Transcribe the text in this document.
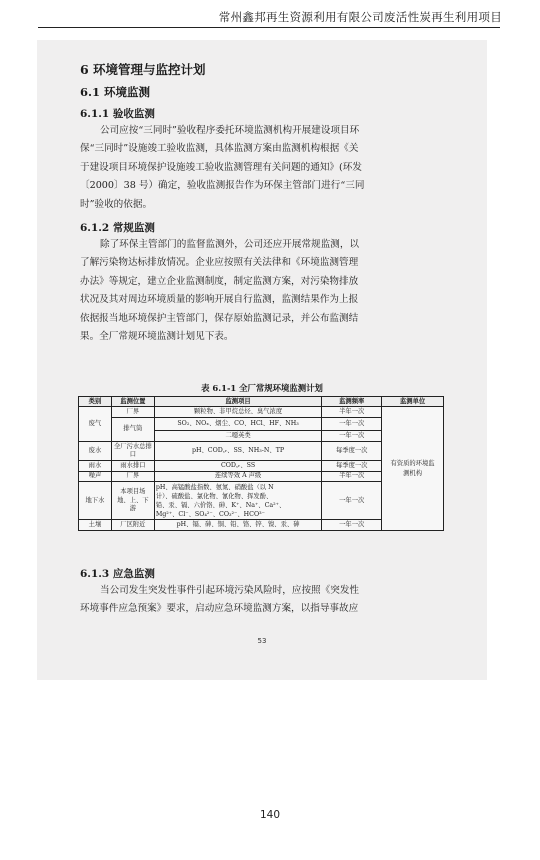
常州鑫邦再生资源利用有限公司废活性炭再生利用项目
6 环境管理与监控计划
6.1 环境监测
6.1.1 验收监测
公司应按“三同时”验收程序委托环境监测机构开展建设项目环
保“三同时”设施竣工验收监测，具体监测方案由监测机构根据《关
于建设项目环境保护设施竣工验收监测管理有关问题的通知》(环发
〔2000〕38 号）确定，验收监测报告作为环保主管部门进行“三同
时”验收的依据。
6.1.2 常规监测
除了环保主管部门的监督监测外，公司还应开展常规监测，以
了解污染物达标排放情况。企业应按照有关法律和《环境监测管理
办法》等规定，建立企业监测制度，制定监测方案，对污染物排放
状况及其对周边环境质量的影响开展自行监测，监测结果作为上报
依据报当地环境保护主管部门，保存原始监测记录，并公布监测结
果。全厂常规环境监测计划见下表。
表 6.1-1 全厂常规环境监测计划
类别	监测位置	监测项目	监测频率	监测单位
废气	厂界	颗粒物、非甲烷总烃、臭气浓度	半年一次	有资质的环境监测机构
	排气筒	SO₂、NOₓ、烟尘、CO、HCl、HF、NH₃	一年一次	
		二噁英类	一年一次	
废水	全厂污水总排口	pH、COD꜀ᵣ、SS、NH₃-N、TP	每季度一次	
雨水	雨水排口	COD꜀ᵣ、SS	每季度一次	
噪声	厂界	连续等效 A 声级	半年一次	
地下水	本项目场地、上、下游	pH、高锰酸盐指数、氨氮、硝酸盐（以 N
计）、硫酸盐、氯化物、氰化物、挥发酚、
铅、汞、镉、六价铬、砷、K⁺、Na⁺、Ca²⁺、
Mg²⁺、Cl⁻、SO₄²⁻、CO₃²⁻、HCO³⁻	一年一次	
土壤	厂区附近	pH、镉、砷、铜、铅、铬、锌、镍、汞、砷	一年一次	
6.1.3 应急监测
当公司发生突发性事件引起环境污染风险时，应按照《突发性
环境事件应急预案》要求，启动应急环境监测方案，以指导事故应
53
140
